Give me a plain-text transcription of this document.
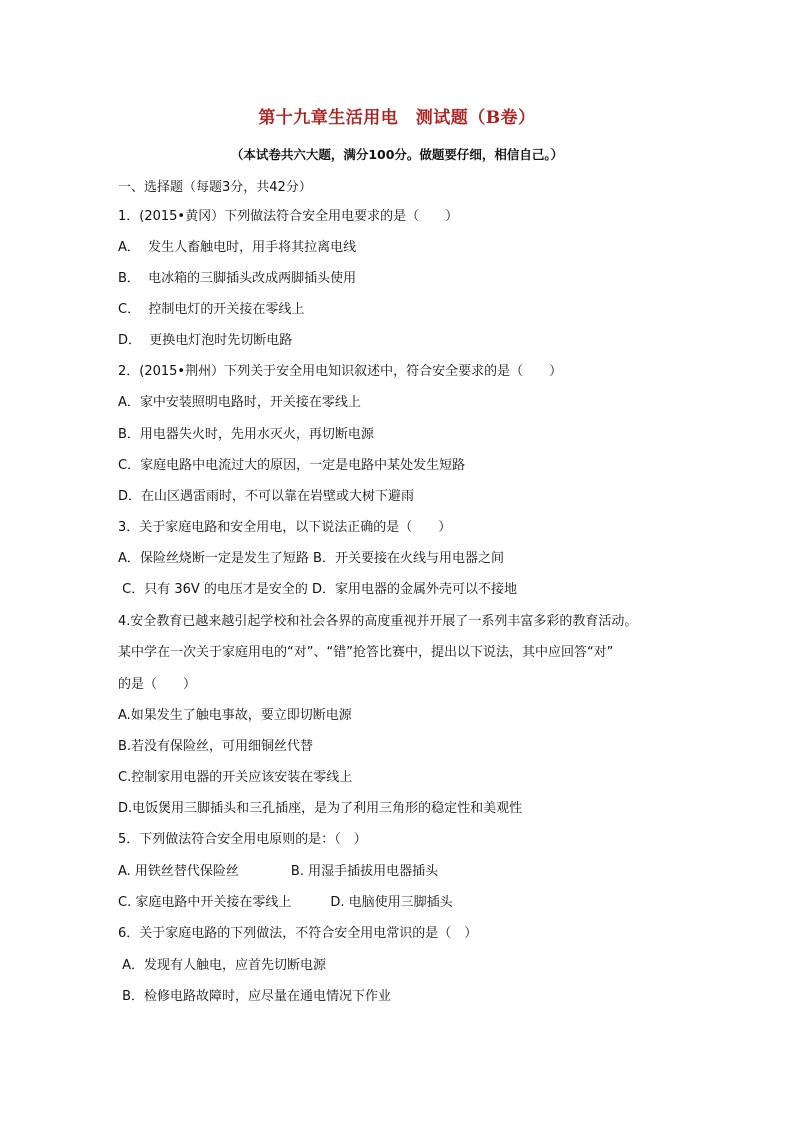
第十九章生活用电　测试题（B卷）
（本试卷共六大题，满分100分。做题要仔细，相信自己。）
一、选择题（每题3分，共42分）
1．(2015•黄冈）下列做法符合安全用电要求的是（　　）
A．  发生人畜触电时，用手将其拉离电线
B．  电冰箱的三脚插头改成两脚插头使用
C．  控制电灯的开关接在零线上
D．  更换电灯泡时先切断电路
2．(2015•荆州）下列关于安全用电知识叙述中，符合安全要求的是（　　）
A．家中安装照明电路时，开关接在零线上
B．用电器失火时，先用水灭火，再切断电源
C．家庭电路中电流过大的原因，一定是电路中某处发生短路
D．在山区遇雷雨时，不可以靠在岩壁或大树下避雨
3．关于家庭电路和安全用电，以下说法正确的是（　　）
A．保险丝烧断一定是发生了短路 B．开关要接在火线与用电器之间
C．只有 36V 的电压才是安全的 D．家用电器的金属外壳可以不接地
4.安全教育已越来越引起学校和社会各界的高度重视并开展了一系列丰富多彩的教育活动。
某中学在一次关于家庭用电的“对”、“错”抢答比赛中，提出以下说法，其中应回答“对”
的是（　　）
A.如果发生了触电事故，要立即切断电源
B.若没有保险丝，可用细铜丝代替
C.控制家用电器的开关应该安装在零线上
D.电饭煲用三脚插头和三孔插座，是为了利用三角形的稳定性和美观性
5．下列做法符合安全用电原则的是：（　）
A. 用铁丝替代保险丝　　　　B. 用湿手插拔用电器插头
C. 家庭电路中开关接在零线上　　　D. 电脑使用三脚插头
6．关于家庭电路的下列做法，不符合安全用电常识的是（　）
A．发现有人触电，应首先切断电源
B．检修电路故障时，应尽量在通电情况下作业
